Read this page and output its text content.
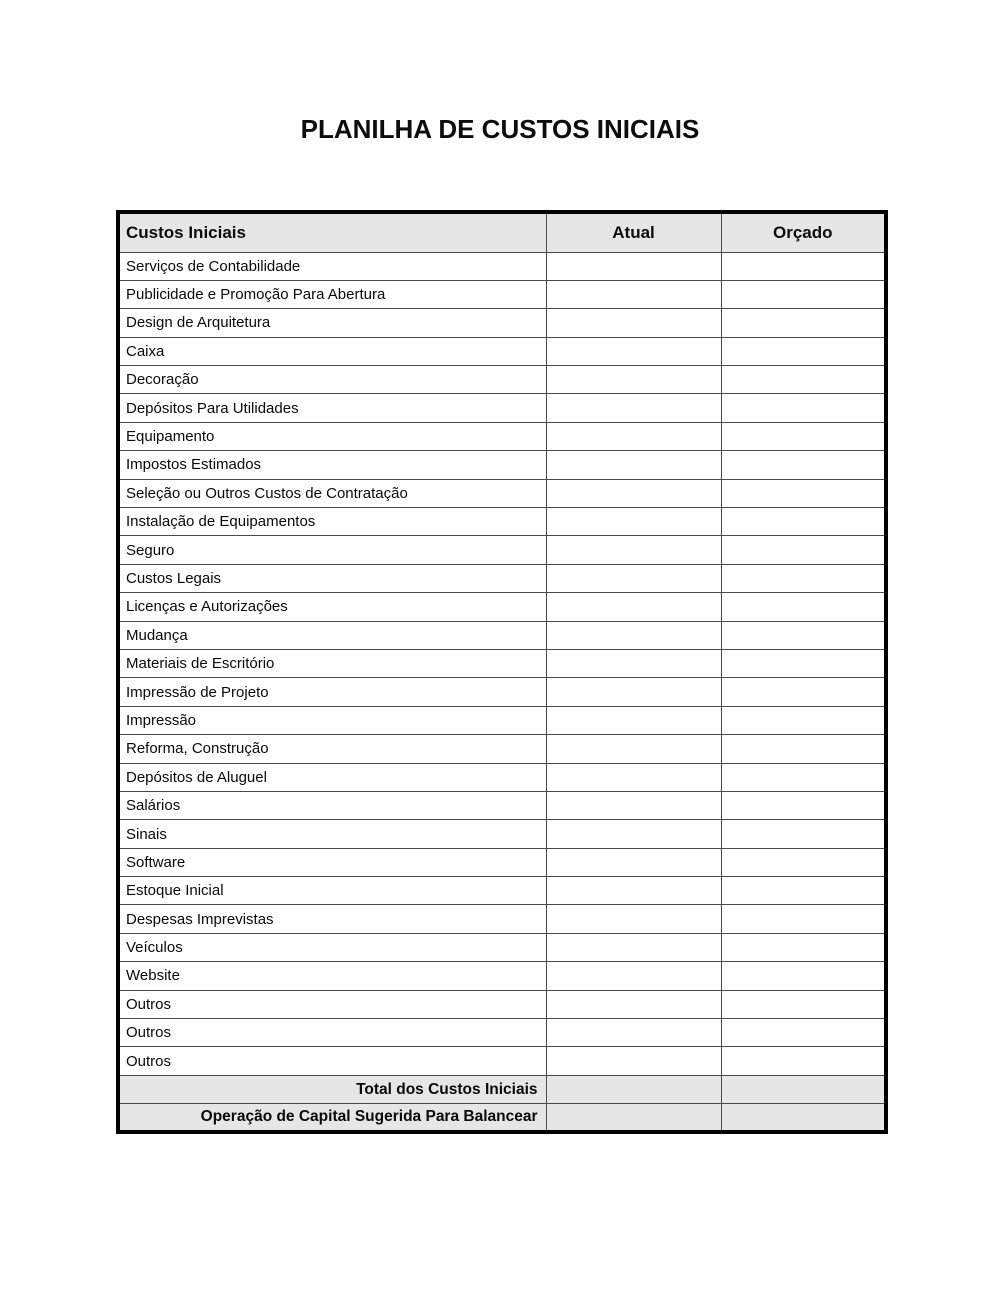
PLANILHA DE CUSTOS INICIAIS
Custos Iniciais	Atual	Orçado
Serviços de Contabilidade		
Publicidade e Promoção Para Abertura		
Design de Arquitetura		
Caixa		
Decoração		
Depósitos Para Utilidades		
Equipamento		
Impostos Estimados		
Seleção ou Outros Custos de Contratação		
Instalação de Equipamentos		
Seguro		
Custos Legais		
Licenças e Autorizações		
Mudança		
Materiais de Escritório		
Impressão de Projeto		
Impressão		
Reforma, Construção		
Depósitos de Aluguel		
Salários		
Sinais		
Software		
Estoque Inicial		
Despesas Imprevistas		
Veículos		
Website		
Outros		
Outros		
Outros		
Total dos Custos Iniciais		
Operação de Capital Sugerida Para Balancear		
